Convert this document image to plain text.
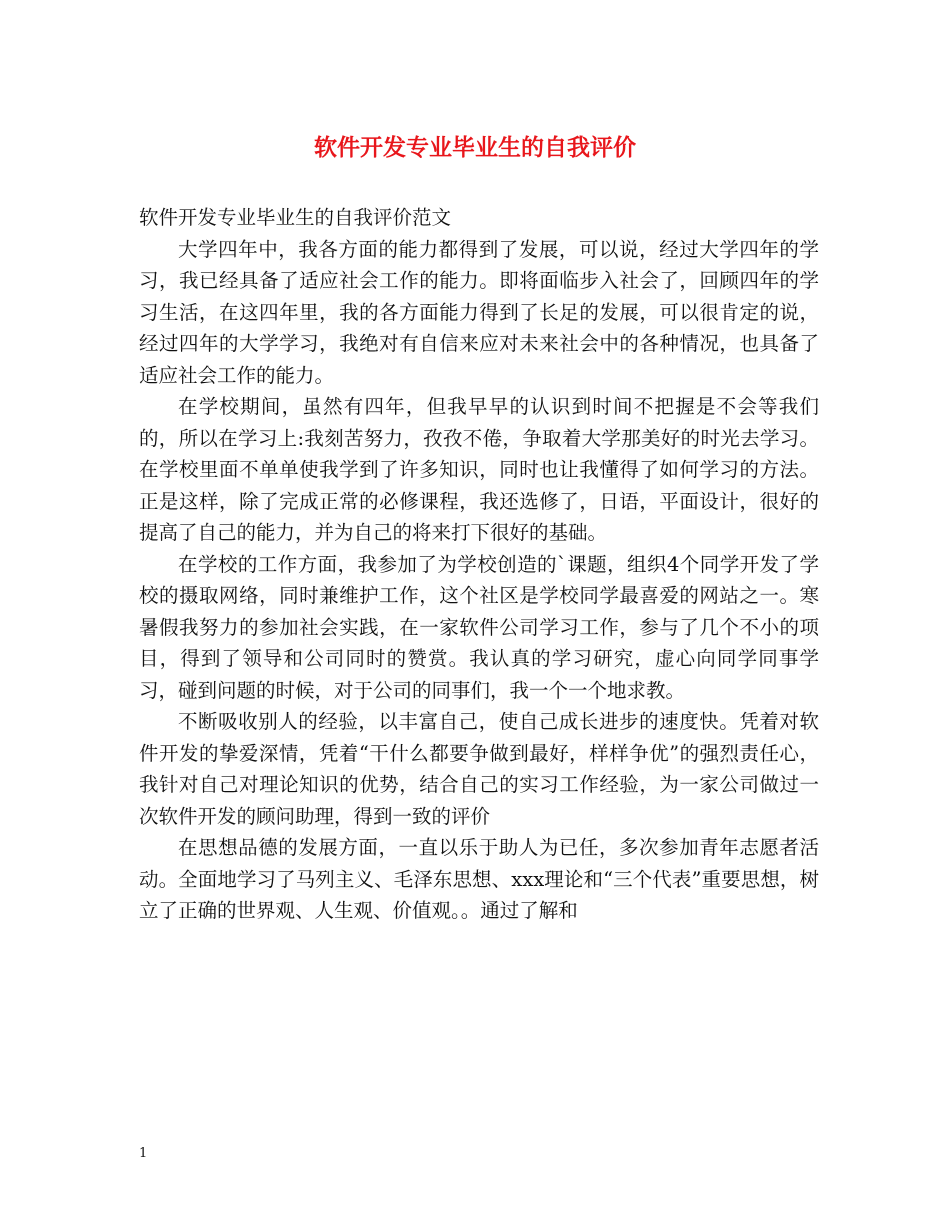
软件开发专业毕业生的自我评价

软件开发专业毕业生的自我评价范文

大学四年中，我各方面的能力都得到了发展，可以说，经过大学四年的学习，我已经具备了适应社会工作的能力。即将面临步入社会了，回顾四年的学习生活，在这四年里，我的各方面能力得到了长足的发展，可以很肯定的说，经过四年的大学学习，我绝对有自信来应对未来社会中的各种情况，也具备了适应社会工作的能力。

在学校期间，虽然有四年，但我早早的认识到时间不把握是不会等我们的，所以在学习上:我刻苦努力，孜孜不倦，争取着大学那美好的时光去学习。在学校里面不单单使我学到了许多知识，同时也让我懂得了如何学习的方法。正是这样，除了完成正常的必修课程，我还选修了，日语，平面设计，很好的提高了自己的能力，并为自己的将来打下很好的基础。

在学校的工作方面，我参加了为学校创造的`课题，组织4个同学开发了学校的摄取网络，同时兼维护工作，这个社区是学校同学最喜爱的网站之一。寒暑假我努力的参加社会实践，在一家软件公司学习工作，参与了几个不小的项目，得到了领导和公司同时的赞赏。我认真的学习研究，虚心向同学同事学习，碰到问题的时候，对于公司的同事们，我一个一个地求教。

不断吸收别人的经验，以丰富自己，使自己成长进步的速度快。凭着对软件开发的挚爱深情，凭着“干什么都要争做到最好，样样争优”的强烈责任心，我针对自己对理论知识的优势，结合自己的实习工作经验，为一家公司做过一次软件开发的顾问助理，得到一致的评价

在思想品德的发展方面，一直以乐于助人为已任，多次参加青年志愿者活动。全面地学习了马列主义、毛泽东思想、xxx理论和“三个代表”重要思想，树立了正确的世界观、人生观、价值观。。通过了解和

1
